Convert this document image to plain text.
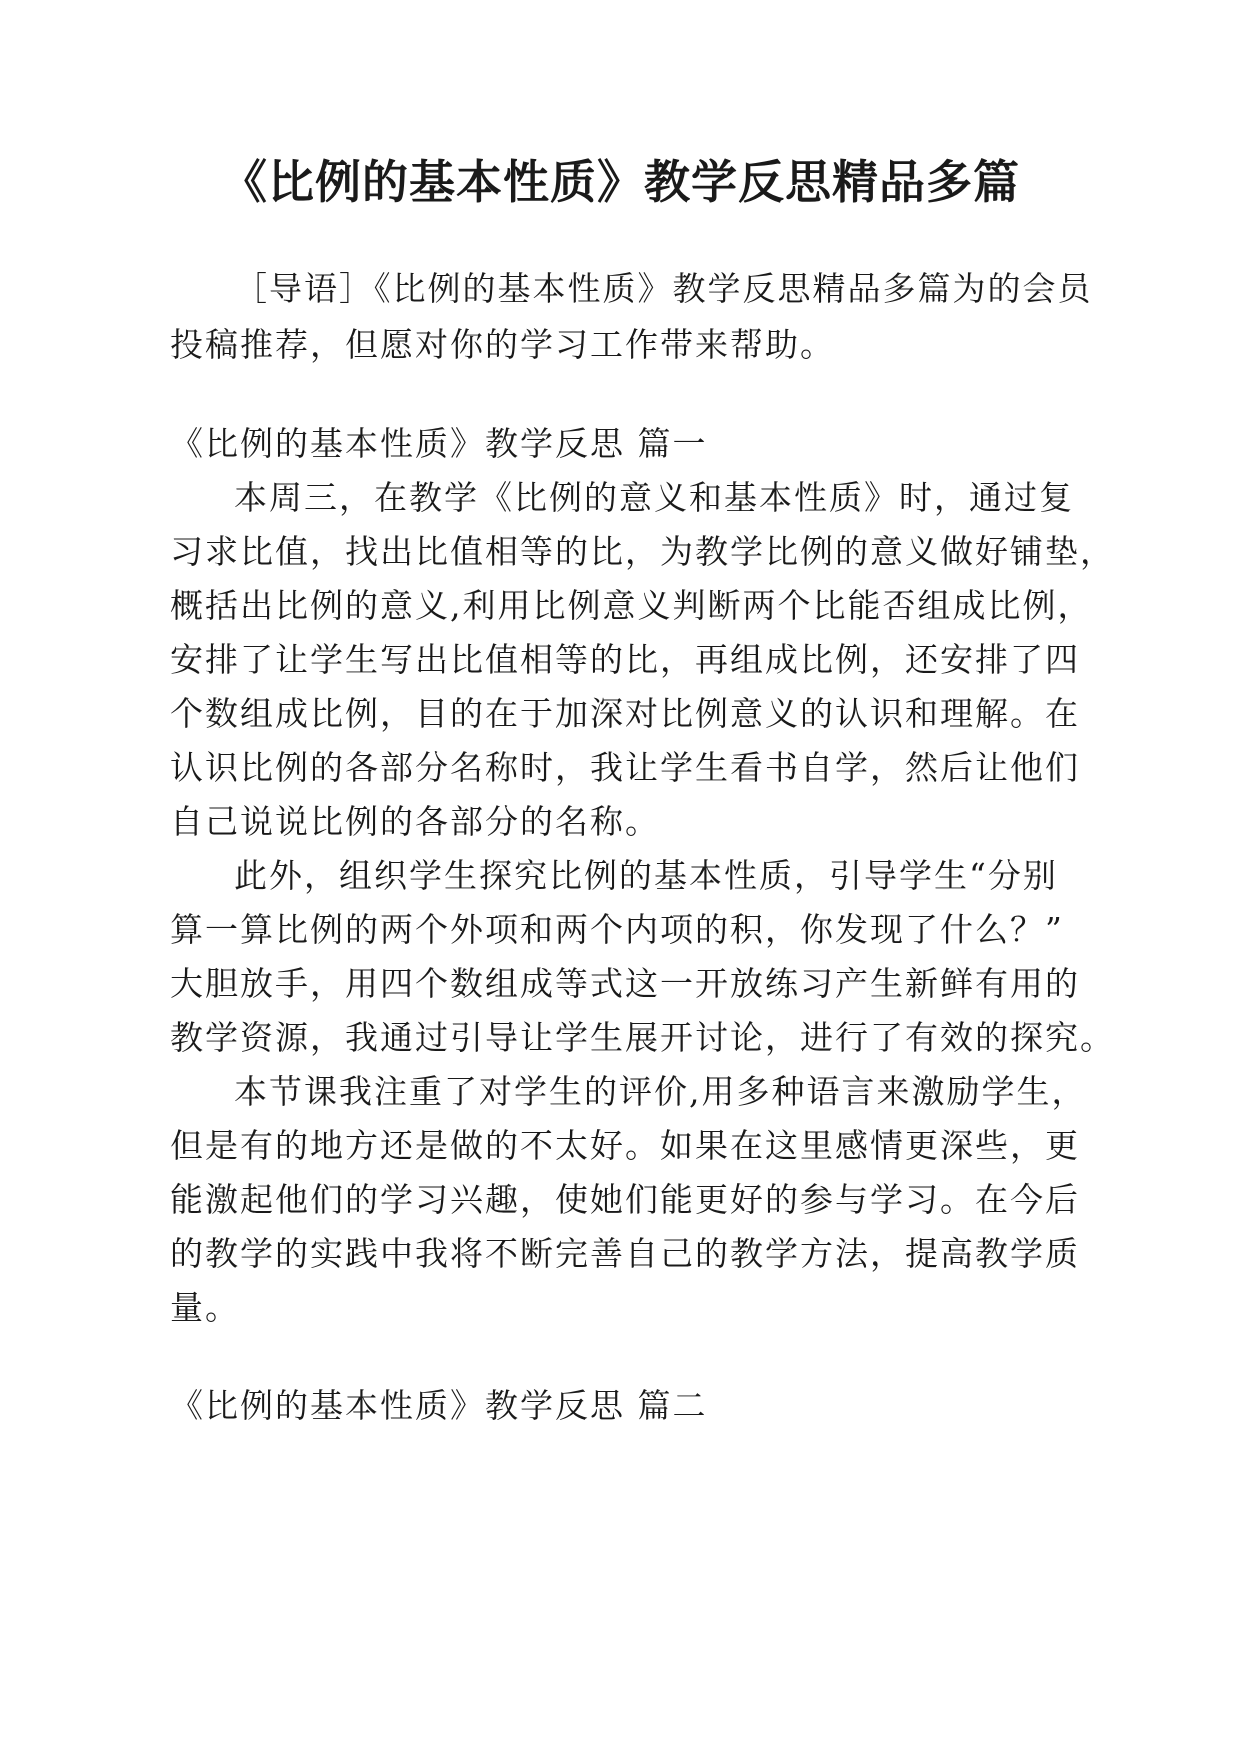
《比例的基本性质》教学反思精品多篇
［导语］《比例的基本性质》教学反思精品多篇为的会员
投稿推荐，但愿对你的学习工作带来帮助。
《比例的基本性质》教学反思 篇一
本周三，在教学《比例的意义和基本性质》时，通过复
习求比值，找出比值相等的比，为教学比例的意义做好铺垫，
概括出比例的意义,利用比例意义判断两个比能否组成比例，
安排了让学生写出比值相等的比，再组成比例，还安排了四
个数组成比例，目的在于加深对比例意义的认识和理解。在
认识比例的各部分名称时，我让学生看书自学，然后让他们
自己说说比例的各部分的名称。
此外，组织学生探究比例的基本性质，引导学生“分别
算一算比例的两个外项和两个内项的积，你发现了什么？”
大胆放手，用四个数组成等式这一开放练习产生新鲜有用的
教学资源，我通过引导让学生展开讨论，进行了有效的探究。
本节课我注重了对学生的评价,用多种语言来激励学生，
但是有的地方还是做的不太好。如果在这里感情更深些，更
能激起他们的学习兴趣，使她们能更好的参与学习。在今后
的教学的实践中我将不断完善自己的教学方法，提高教学质
量。
《比例的基本性质》教学反思 篇二
